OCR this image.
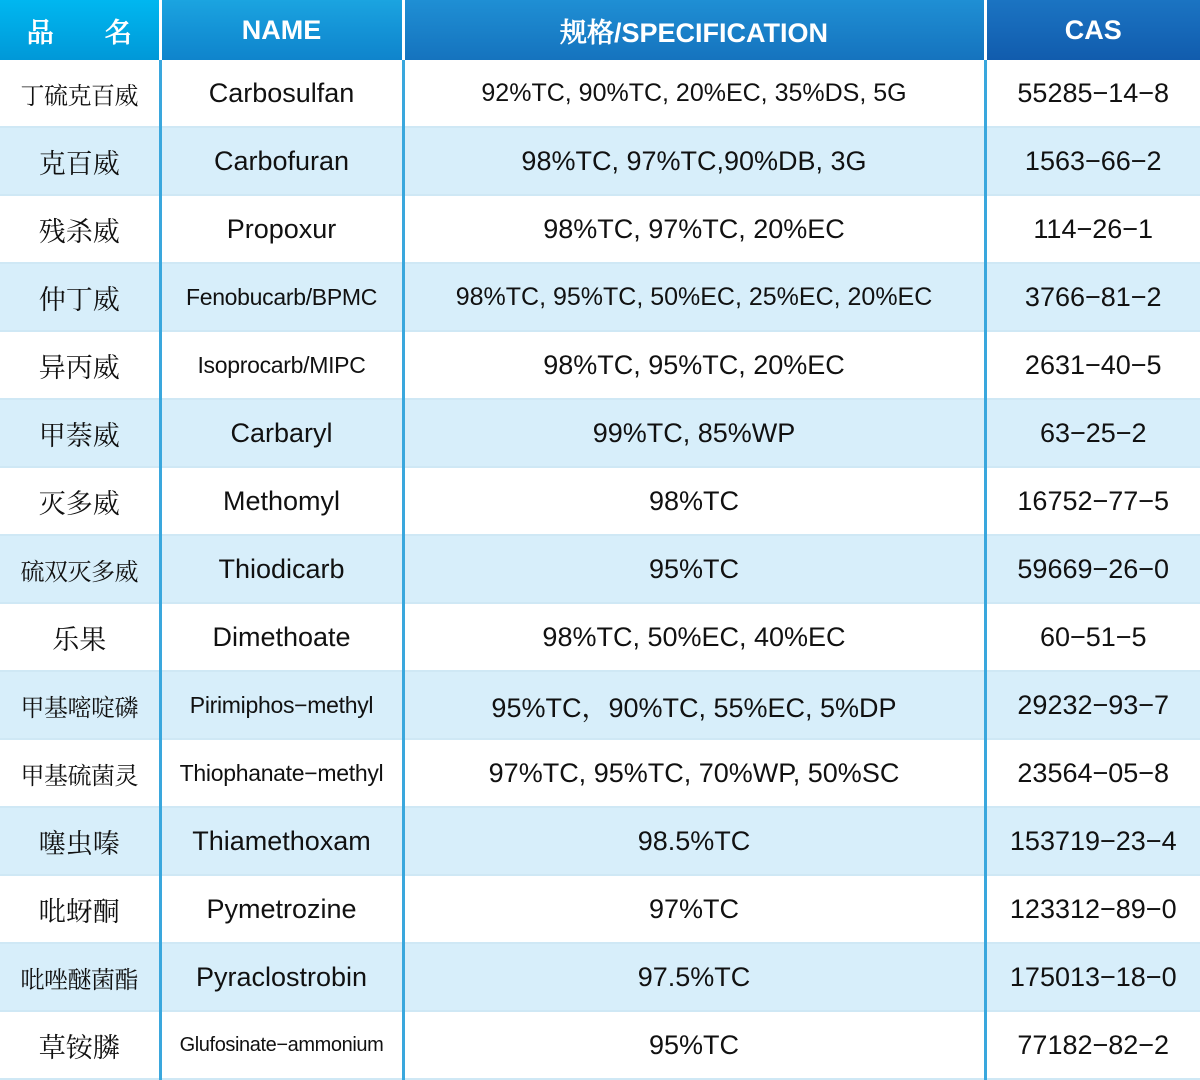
品　名	NAME	规格/SPECIFICATION	CAS
丁硫克百威	Carbosulfan	92%TC, 90%TC, 20%EC, 35%DS, 5G	55285−14−8
克百威	Carbofuran	98%TC, 97%TC,90%DB, 3G	1563−66−2
残杀威	Propoxur	98%TC, 97%TC, 20%EC	114−26−1
仲丁威	Fenobucarb/BPMC	98%TC, 95%TC, 50%EC, 25%EC, 20%EC	3766−81−2
异丙威	Isoprocarb/MIPC	98%TC, 95%TC, 20%EC	2631−40−5
甲萘威	Carbaryl	99%TC, 85%WP	63−25−2
灭多威	Methomyl	98%TC	16752−77−5
硫双灭多威	Thiodicarb	95%TC	59669−26−0
乐果	Dimethoate	98%TC, 50%EC, 40%EC	60−51−5
甲基嘧啶磷	Pirimiphos−methyl	95%TC，90%TC, 55%EC, 5%DP	29232−93−7
甲基硫菌灵	Thiophanate−methyl	97%TC, 95%TC, 70%WP, 50%SC	23564−05−8
噻虫嗪	Thiamethoxam	98.5%TC	153719−23−4
吡蚜酮	Pymetrozine	97%TC	123312−89−0
吡唑醚菌酯	Pyraclostrobin	97.5%TC	175013−18−0
草铵膦	Glufosinate−ammonium	95%TC	77182−82−2
